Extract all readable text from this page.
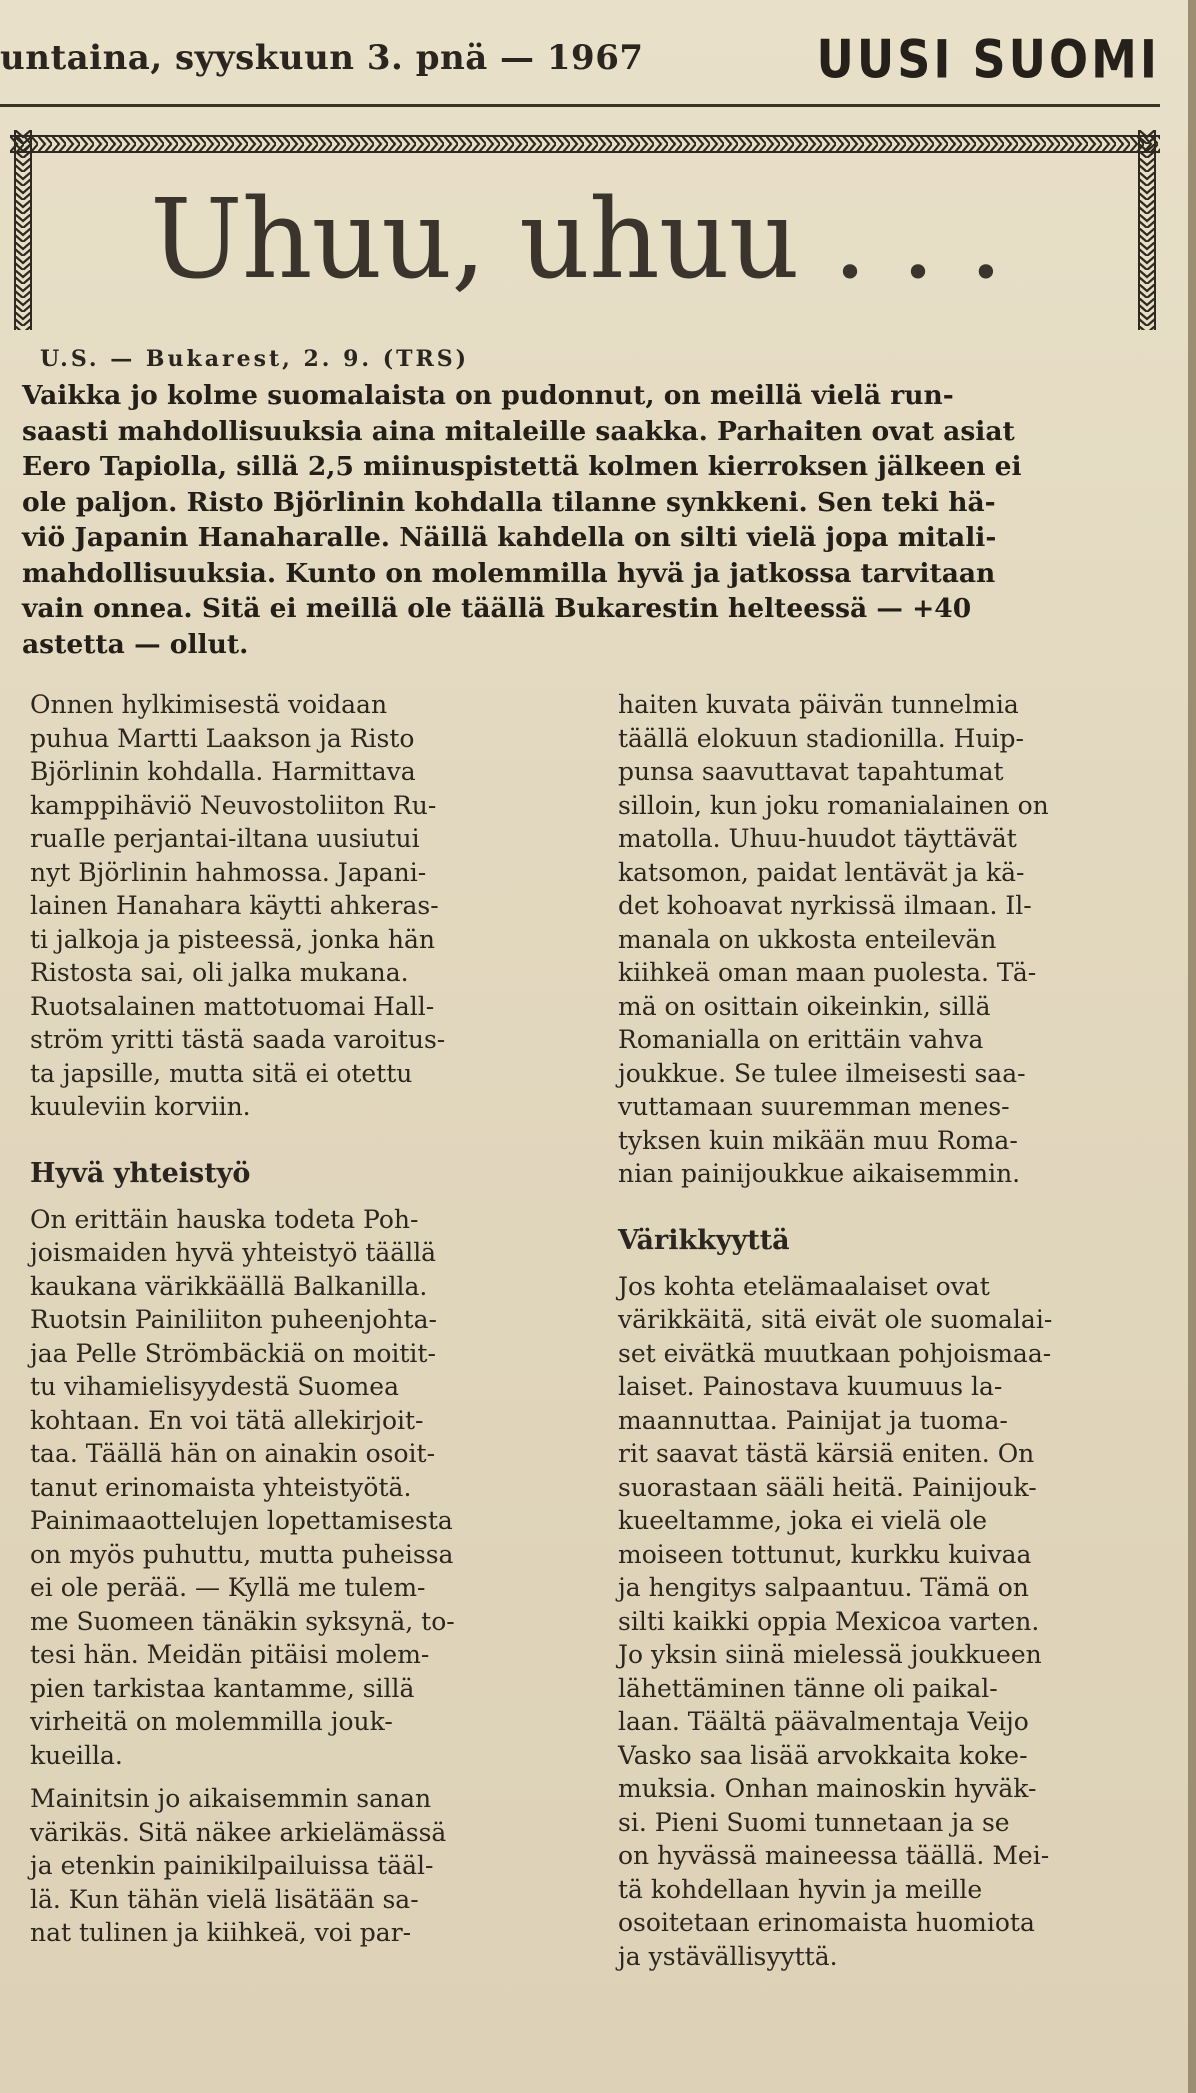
untaina, syyskuun 3. pnä — 1967	UUSI SUOMI
Uhuu, uhuu . . .
U.S. — Bukarest, 2. 9. (TRS)
Vaikka jo kolme suomalaista on pudonnut, on meillä vielä run-
saasti mahdollisuuksia aina mitaleille saakka. Parhaiten ovat asiat
Eero Tapiolla, sillä 2,5 miinuspistettä kolmen kierroksen jälkeen ei
ole paljon. Risto Björlinin kohdalla tilanne synkkeni. Sen teki hä-
viö Japanin Hanaharalle. Näillä kahdella on silti vielä jopa mitali-
mahdollisuuksia. Kunto on molemmilla hyvä ja jatkossa tarvitaan
vain onnea. Sitä ei meillä ole täällä Bukarestin helteessä — +40
astetta — ollut.
Onnen hylkimisestä voidaan
puhua Martti Laakson ja Risto
Björlinin kohdalla. Harmittava
kamppihäviö Neuvostoliiton Ru-
ruaIle perjantai-iltana uusiutui
nyt Björlinin hahmossa. Japani-
lainen Hanahara käytti ahkeras-
ti jalkoja ja pisteessä, jonka hän
Ristosta sai, oli jalka mukana.
Ruotsalainen mattotuomai Hall-
ström yritti tästä saada varoitus-
ta japsille, mutta sitä ei otettu
kuuleviin korviin.
Hyvä yhteistyö
On erittäin hauska todeta Poh-
joismaiden hyvä yhteistyö täällä
kaukana värikkäällä Balkanilla.
Ruotsin Painiliiton puheenjohta-
jaa Pelle Strömbäckiä on moitit-
tu vihamielisyydestä Suomea
kohtaan. En voi tätä allekirjoit-
taa. Täällä hän on ainakin osoit-
tanut erinomaista yhteistyötä.
Painimaaottelujen lopettamisesta
on myös puhuttu, mutta puheissa
ei ole perää. — Kyllä me tulem-
me Suomeen tänäkin syksynä, to-
tesi hän. Meidän pitäisi molem-
pien tarkistaa kantamme, sillä
virheitä on molemmilla jouk-
kueilla.
Mainitsin jo aikaisemmin sanan
värikäs. Sitä näkee arkielämässä
ja etenkin painikilpailuissa tääl-
lä. Kun tähän vielä lisätään sa-
nat tulinen ja kiihkeä, voi par-
haiten kuvata päivän tunnelmia
täällä elokuun stadionilla. Huip-
punsa saavuttavat tapahtumat
silloin, kun joku romanialainen on
matolla. Uhuu-huudot täyttävät
katsomon, paidat lentävät ja kä-
det kohoavat nyrkissä ilmaan. Il-
manala on ukkosta enteilevän
kiihkeä oman maan puolesta. Tä-
mä on osittain oikeinkin, sillä
Romanialla on erittäin vahva
joukkue. Se tulee ilmeisesti saa-
vuttamaan suuremman menes-
tyksen kuin mikään muu Roma-
nian painijoukkue aikaisemmin.
Värikkyyttä
Jos kohta etelämaalaiset ovat
värikkäitä, sitä eivät ole suomalai-
set eivätkä muutkaan pohjoismaa-
laiset. Painostava kuumuus la-
maannuttaa. Painijat ja tuoma-
rit saavat tästä kärsiä eniten. On
suorastaan sääli heitä. Painijouk-
kueeltamme, joka ei vielä ole
moiseen tottunut, kurkku kuivaa
ja hengitys salpaantuu. Tämä on
silti kaikki oppia Mexicoa varten.
Jo yksin siinä mielessä joukkueen
lähettäminen tänne oli paikal-
laan. Täältä päävalmentaja Veijo
Vasko saa lisää arvokkaita koke-
muksia. Onhan mainoskin hyväk-
si. Pieni Suomi tunnetaan ja se
on hyvässä maineessa täällä. Mei-
tä kohdellaan hyvin ja meille
osoitetaan erinomaista huomiota
ja ystävällisyyttä.
